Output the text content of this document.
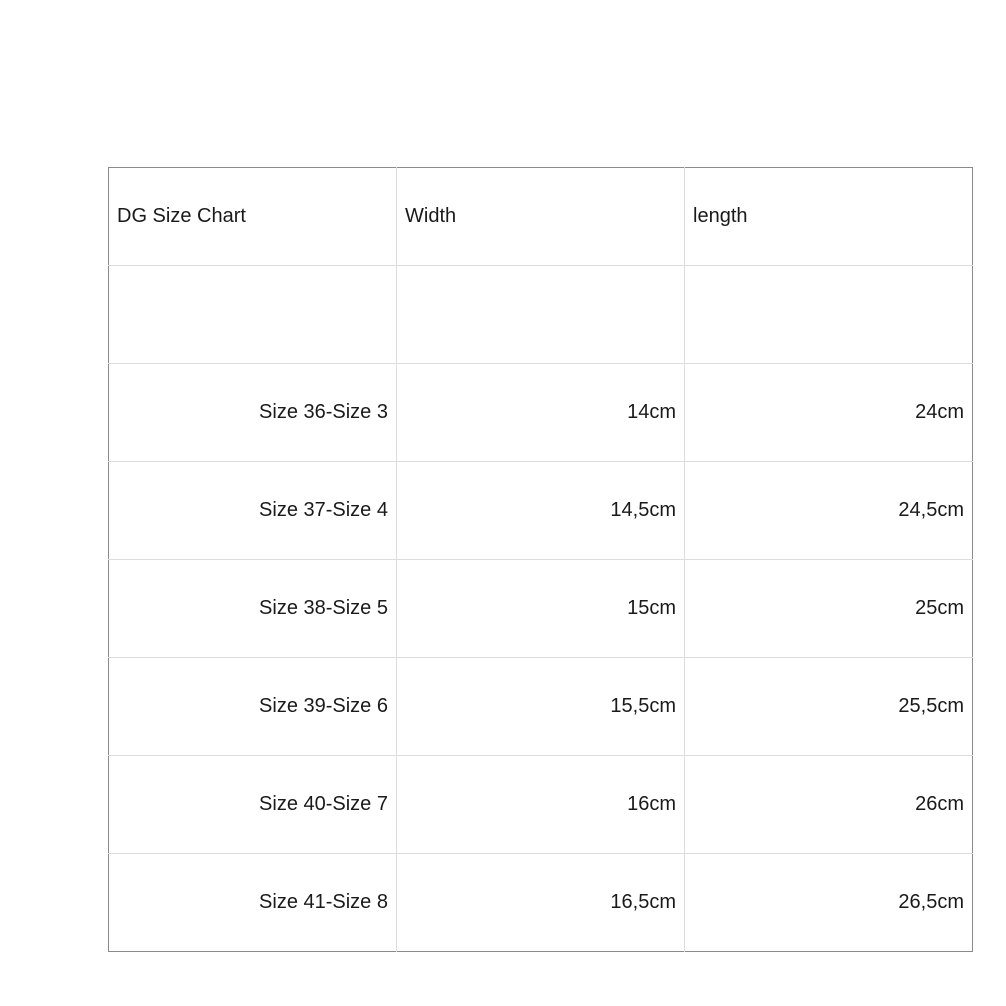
DG Size Chart	Width	length

Size 36-Size 3	14cm	24cm
Size 37-Size 4	14,5cm	24,5cm
Size 38-Size 5	15cm	25cm
Size 39-Size 6	15,5cm	25,5cm
Size 40-Size 7	16cm	26cm
Size 41-Size 8	16,5cm	26,5cm
